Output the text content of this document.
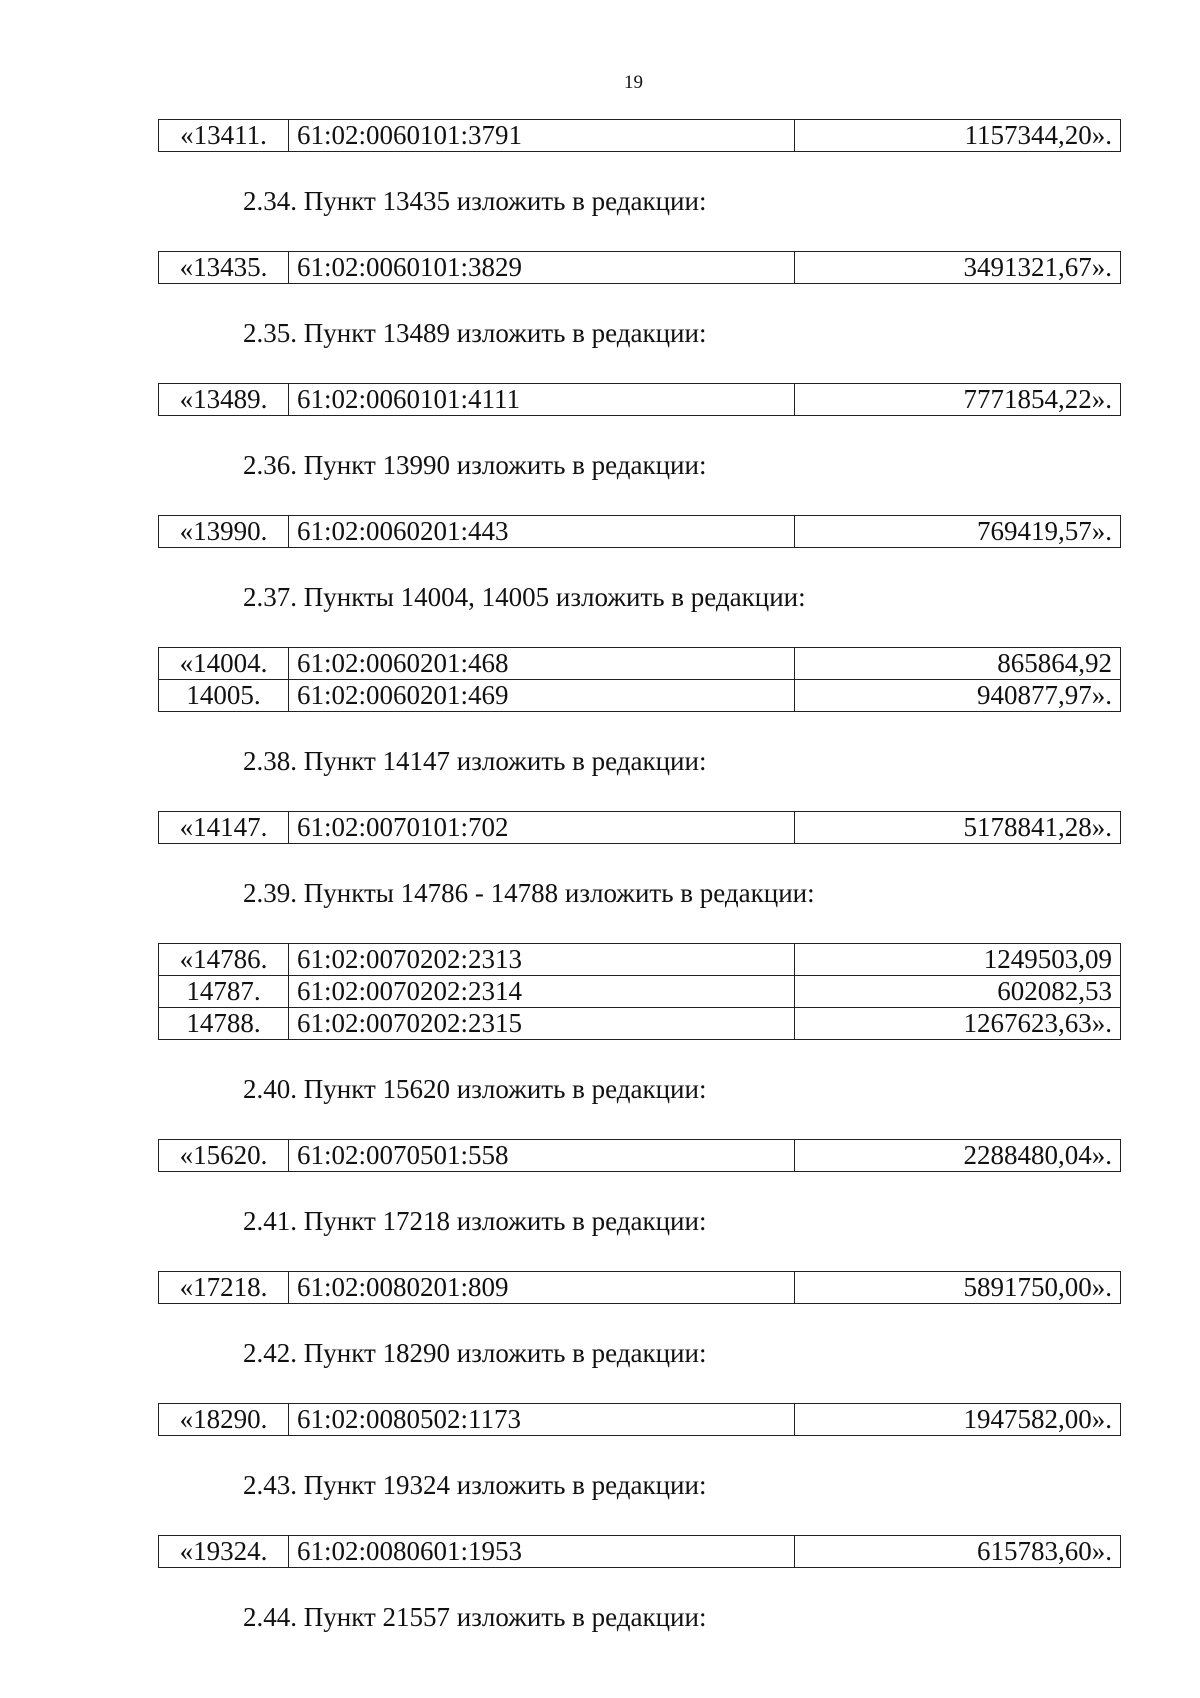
19
«13411.	61:02:0060101:3791	1157344,20».

2.34. Пункт 13435 изложить в редакции:

«13435.	61:02:0060101:3829	3491321,67».

2.35. Пункт 13489 изложить в редакции:

«13489.	61:02:0060101:4111	7771854,22».

2.36. Пункт 13990 изложить в редакции:

«13990.	61:02:0060201:443	769419,57».

2.37. Пункты 14004, 14005 изложить в редакции:

«14004.	61:02:0060201:468	865864,92
14005.	61:02:0060201:469	940877,97».

2.38. Пункт 14147 изложить в редакции:

«14147.	61:02:0070101:702	5178841,28».

2.39. Пункты 14786 - 14788 изложить в редакции:

«14786.	61:02:0070202:2313	1249503,09
14787.	61:02:0070202:2314	602082,53
14788.	61:02:0070202:2315	1267623,63».

2.40. Пункт 15620 изложить в редакции:

«15620.	61:02:0070501:558	2288480,04».

2.41. Пункт 17218 изложить в редакции:

«17218.	61:02:0080201:809	5891750,00».

2.42. Пункт 18290 изложить в редакции:

«18290.	61:02:0080502:1173	1947582,00».

2.43. Пункт 19324 изложить в редакции:

«19324.	61:02:0080601:1953	615783,60».

2.44. Пункт 21557 изложить в редакции:
